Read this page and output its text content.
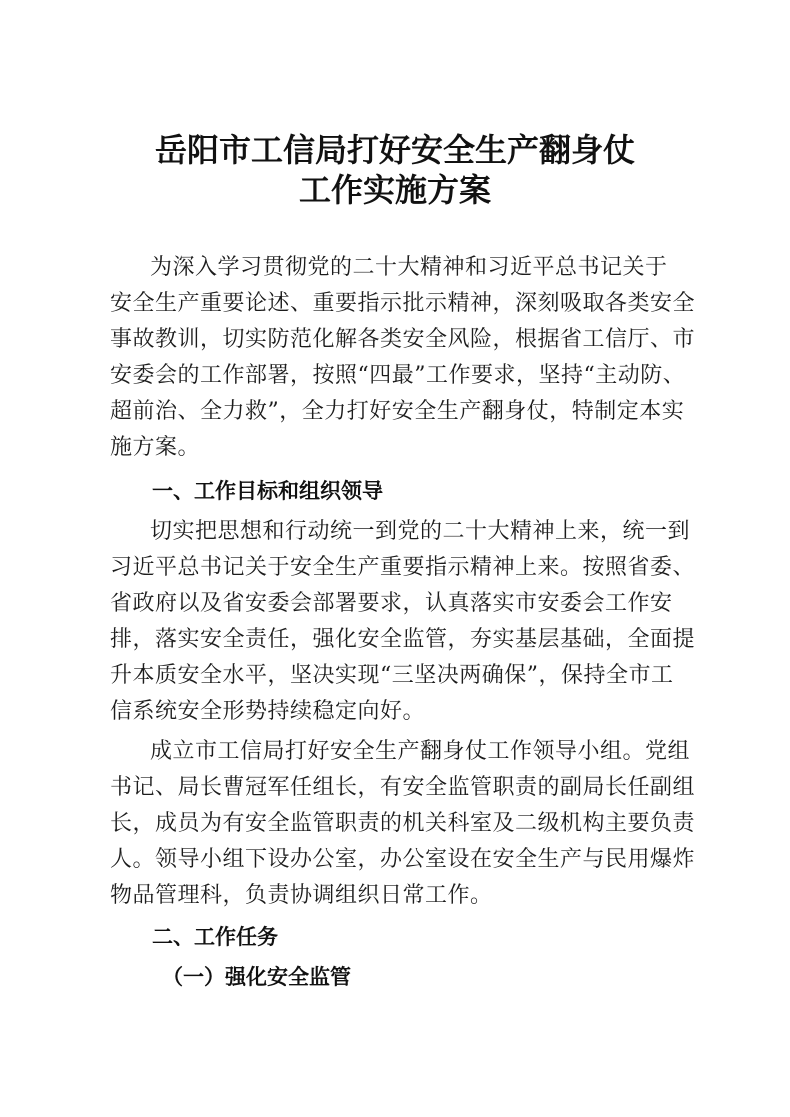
岳阳市工信局打好安全生产翻身仗
工作实施方案
为深入学习贯彻党的二十大精神和习近平总书记关于
安全生产重要论述、重要指示批示精神，深刻吸取各类安全
事故教训，切实防范化解各类安全风险，根据省工信厅、市
安委会的工作部署，按照“四最”工作要求，坚持“主动防、
超前治、全力救”，全力打好安全生产翻身仗，特制定本实
施方案。
一、工作目标和组织领导
切实把思想和行动统一到党的二十大精神上来，统一到
习近平总书记关于安全生产重要指示精神上来。按照省委、
省政府以及省安委会部署要求，认真落实市安委会工作安
排，落实安全责任，强化安全监管，夯实基层基础，全面提
升本质安全水平，坚决实现“三坚决两确保”，保持全市工
信系统安全形势持续稳定向好。
成立市工信局打好安全生产翻身仗工作领导小组。党组
书记、局长曹冠军任组长，有安全监管职责的副局长任副组
长，成员为有安全监管职责的机关科室及二级机构主要负责
人。领导小组下设办公室，办公室设在安全生产与民用爆炸
物品管理科，负责协调组织日常工作。
二、工作任务
（一）强化安全监管
